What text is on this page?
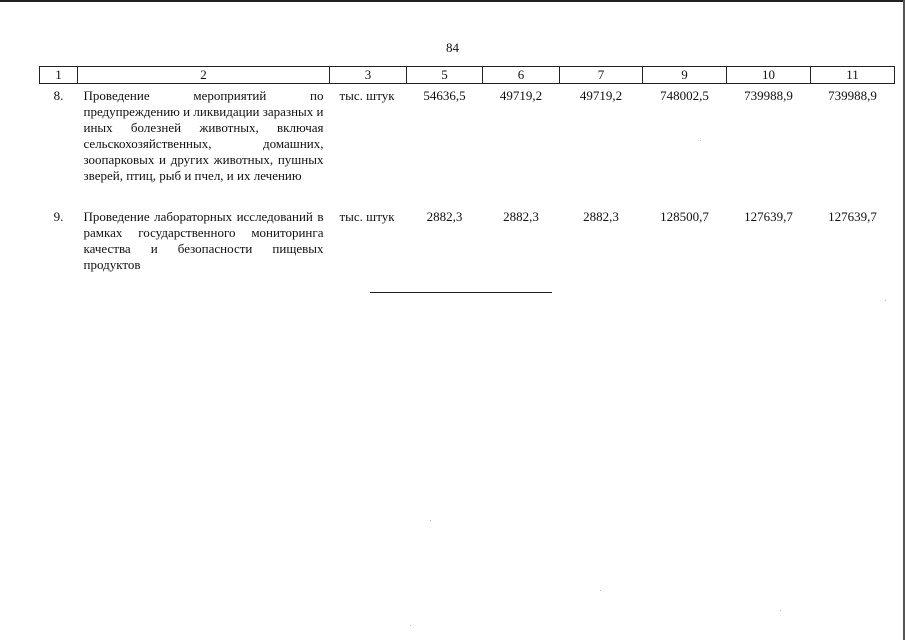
84
1	2	3	5	6	7	9	10	11
8.	Проведение мероприятий по предупреждению и ликвидации заразных и иных болезней животных, включая сельскохозяйственных, домашних, зоопарковых и других животных, пушных зверей, птиц, рыб и пчел, и их лечению	тыс. штук	54636,5	49719,2	49719,2	748002,5	739988,9	739988,9
9.	Проведение лабораторных исследований в рамках государственного мониторинга качества и безопасности пищевых продуктов	тыс. штук	2882,3	2882,3	2882,3	128500,7	127639,7	127639,7
